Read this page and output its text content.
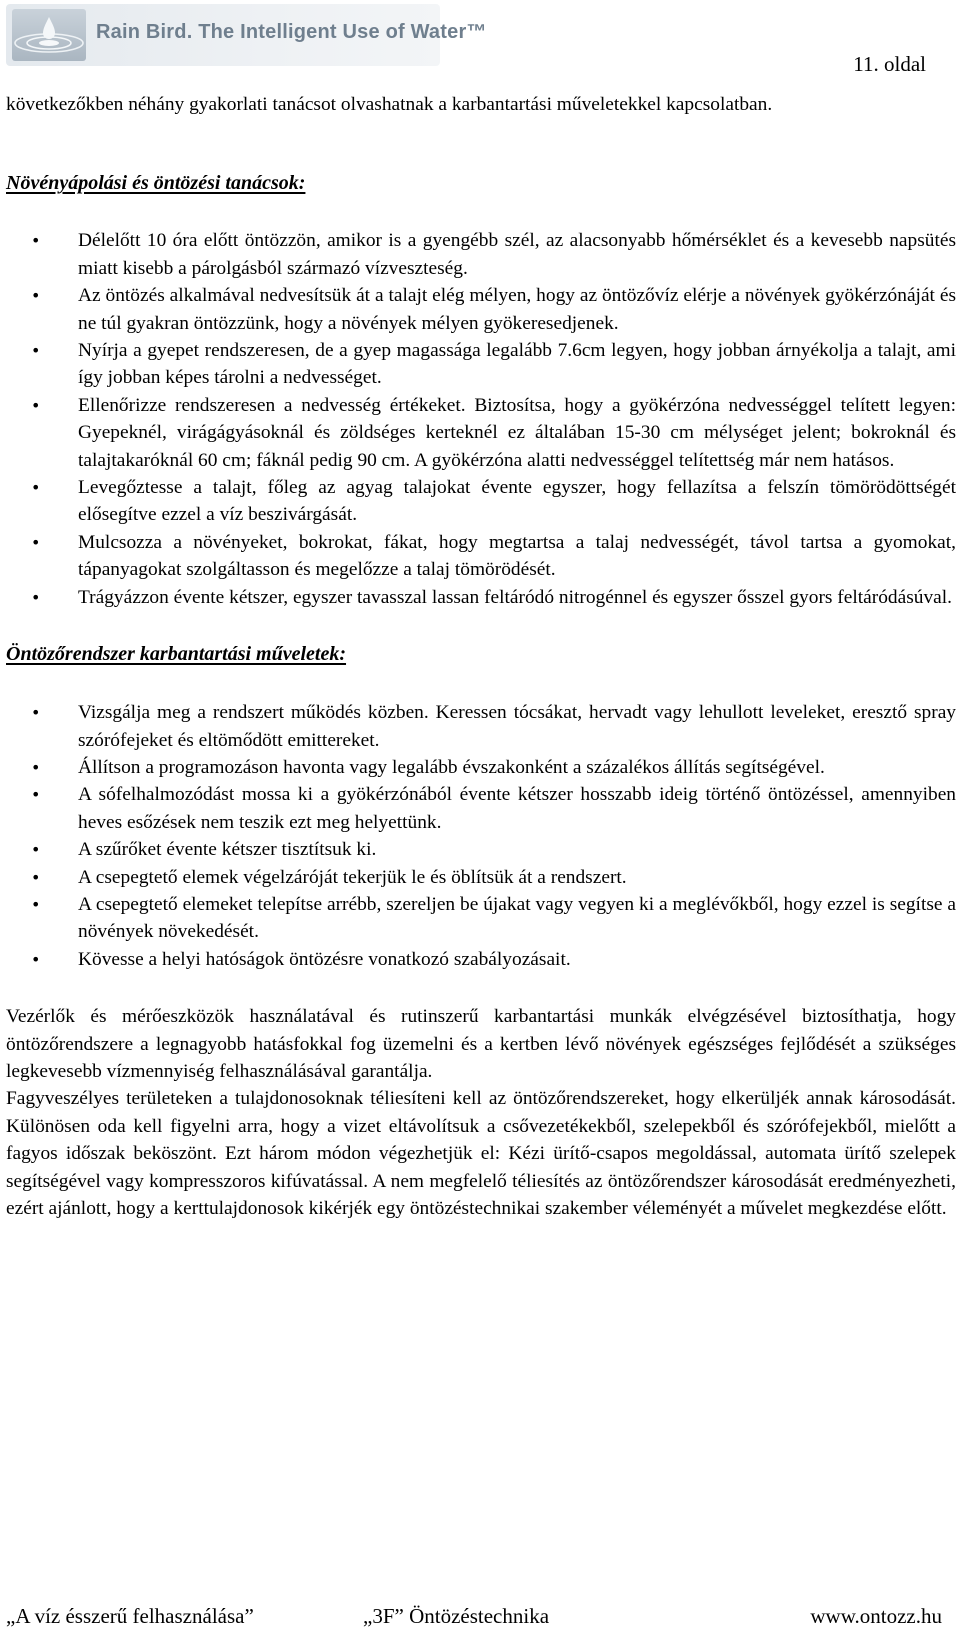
Rain Bird. The Intelligent Use of Water™
11. oldal

következőkben néhány gyakorlati tanácsot olvashatnak a karbantartási műveletekkel kapcsolatban.

Növényápolási és öntözési tanácsok:
• Délelőtt 10 óra előtt öntözzön, amikor is a gyengébb szél, az alacsonyabb hőmérséklet és a kevesebb napsütés miatt kisebb a párolgásból származó vízveszteség.
• Az öntözés alkalmával nedvesítsük át a talajt elég mélyen, hogy az öntözővíz elérje a növények gyökérzónáját és ne túl gyakran öntözzünk, hogy a növények mélyen gyökeresedjenek.
• Nyírja a gyepet rendszeresen, de a gyep magassága legalább 7.6cm legyen, hogy jobban árnyékolja a talajt, ami így jobban képes tárolni a nedvességet.
• Ellenőrizze rendszeresen a nedvesség értékeket. Biztosítsa, hogy a gyökérzóna nedvességgel telített legyen: Gyepeknél, virágágyásoknál és zöldséges kerteknél ez általában 15-30 cm mélységet jelent; bokroknál és talajtakaróknál 60 cm; fáknál pedig 90 cm. A gyökérzóna alatti nedvességgel telítettség már nem hatásos.
• Levegőztesse a talajt, főleg az agyag talajokat évente egyszer, hogy fellazítsa a felszín tömörödöttségét elősegítve ezzel a víz beszivárgását.
• Mulcsozza a növényeket, bokrokat, fákat, hogy megtartsa a talaj nedvességét, távol tartsa a gyomokat, tápanyagokat szolgáltasson és megelőzze a talaj tömörödését.
• Trágyázzon évente kétszer, egyszer tavasszal lassan feltáródó nitrogénnel és egyszer ősszel gyors feltáródásúval.
Öntözőrendszer karbantartási műveletek:
• Vizsgálja meg a rendszert működés közben. Keressen tócsákat, hervadt vagy lehullott leveleket, eresztő spray szórófejeket és eltömődött emittereket.
• Állítson a programozáson havonta vagy legalább évszakonként a százalékos állítás segítségével.
• A sófelhalmozódást mossa ki a gyökérzónából évente kétszer hosszabb ideig történő öntözéssel, amennyiben heves esőzések nem teszik ezt meg helyettünk.
• A szűrőket évente kétszer tisztítsuk ki.
• A csepegtető elemek végelzáróját tekerjük le és öblítsük át a rendszert.
• A csepegtető elemeket telepítse arrébb, szereljen be újakat vagy vegyen ki a meglévőkből, hogy ezzel is segítse a növények növekedését.
• Kövesse a helyi hatóságok öntözésre vonatkozó szabályozásait.

Vezérlők és mérőeszközök használatával és rutinszerű karbantartási munkák elvégzésével biztosíthatja, hogy öntözőrendszere a legnagyobb hatásfokkal fog üzemelni és a kertben lévő növények egészséges fejlődését a szükséges legkevesebb vízmennyiség felhasználásával garantálja.

Fagyveszélyes területeken a tulajdonosoknak téliesíteni kell az öntözőrendszereket, hogy elkerüljék annak károsodását. Különösen oda kell figyelni arra, hogy a vizet eltávolítsuk a csővezetékekből, szelepekből és szórófejekből, mielőtt a fagyos időszak beköszönt. Ezt három módon végezhetjük el: Kézi ürítő-csapos megoldással, automata ürítő szelepek segítségével vagy kompresszoros kifúvatással. A nem megfelelő téliesítés az öntözőrendszer károsodását eredményezheti, ezért ajánlott, hogy a kerttulajdonosok kikérjék egy öntözéstechnikai szakember véleményét a művelet megkezdése előtt.

„A víz ésszerű felhasználása”	„3F” Öntözéstechnika	www.ontozz.hu
